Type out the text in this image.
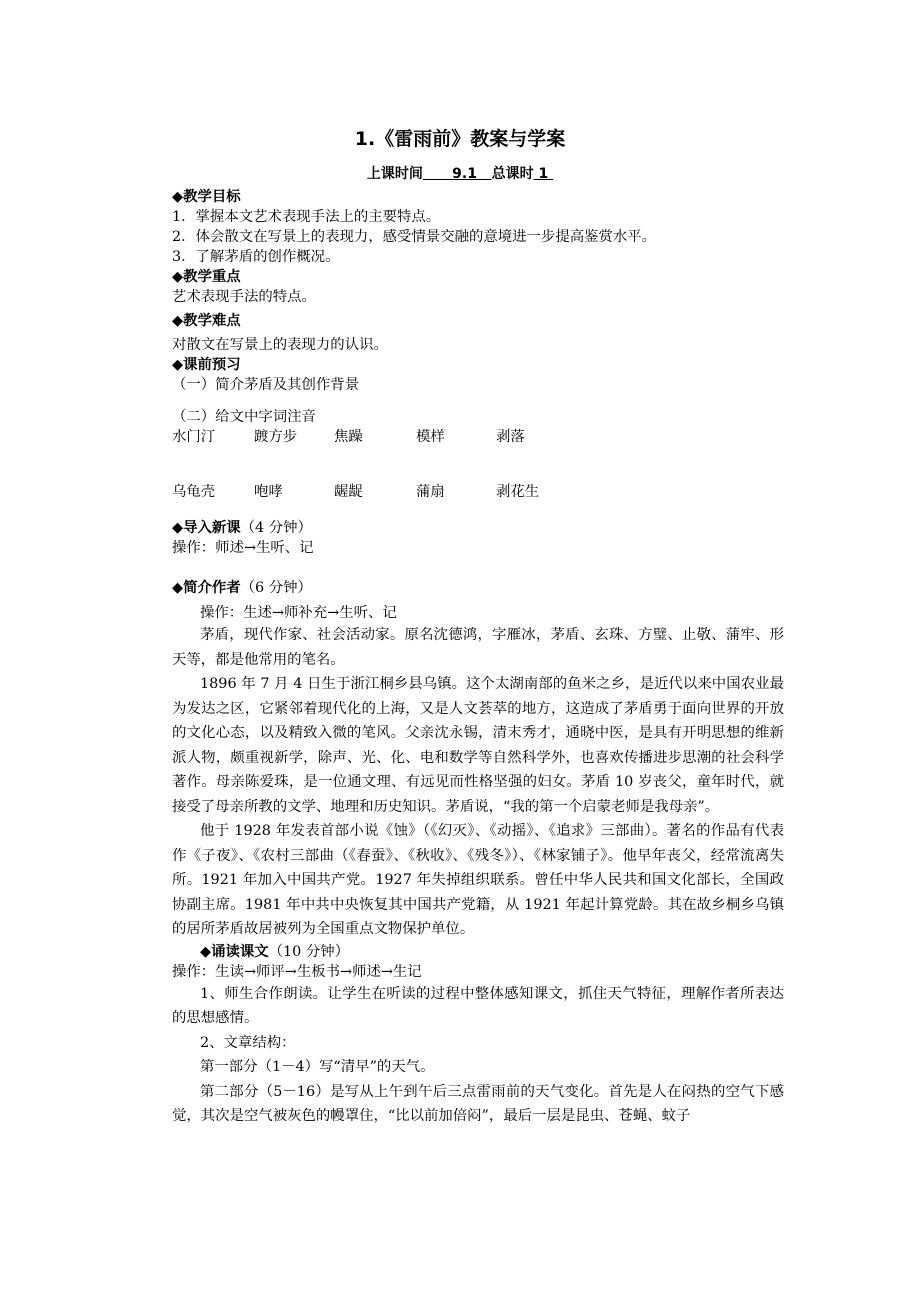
1.《雷雨前》教案与学案
上课时间 9.1 总课时 1
◆教学目标
1．掌握本文艺术表现手法上的主要特点。
2．体会散文在写景上的表现力，感受情景交融的意境进一步提高鉴赏水平。
3．了解茅盾的创作概况。
◆教学重点
艺术表现手法的特点。
◆教学难点
对散文在写景上的表现力的认识。
◆课前预习
（一）简介茅盾及其创作背景
（二）给文中字词注音
水门汀	踱方步	焦躁	模样	剥落
乌龟壳	咆哮	龌龊	蒲扇	剥花生
◆导入新课（4 分钟）
操作：师述→生听、记
◆简介作者（6 分钟）
操作：生述→师补充→生听、记

茅盾，现代作家、社会活动家。原名沈德鸿，字雁冰，茅盾、玄珠、方璧、止敬、蒲牢、形天等，都是他常用的笔名。

1896 年 7 月 4 日生于浙江桐乡县乌镇。这个太湖南部的鱼米之乡，是近代以来中国农业最为发达之区，它紧邻着现代化的上海，又是人文荟萃的地方，这造成了茅盾勇于面向世界的开放的文化心态，以及精致入微的笔风。父亲沈永锡，清末秀才，通晓中医，是具有开明思想的维新派人物，颇重视新学，除声、光、化、电和数学等自然科学外，也喜欢传播进步思潮的社会科学著作。母亲陈爱珠，是一位通文理、有远见而性格坚强的妇女。茅盾 10 岁丧父，童年时代，就接受了母亲所教的文学、地理和历史知识。茅盾说，“我的第一个启蒙老师是我母亲”。

他于 1928 年发表首部小说《蚀》（《幻灭》、《动摇》、《追求》三部曲）。著名的作品有代表作《子夜》、《农村三部曲（《春蚕》、《秋收》、《残冬》）、《林家铺子》。他早年丧父，经常流离失所。1921 年加入中国共产党。1927 年失掉组织联系。曾任中华人民共和国文化部长，全国政协副主席。1981 年中共中央恢复其中国共产党籍，从 1921 年起计算党龄。其在故乡桐乡乌镇的居所茅盾故居被列为全国重点文物保护单位。

◆诵读课文（10 分钟）
操作：生读→师评→生板书→师述→生记

1、师生合作朗读。让学生在听读的过程中整体感知课文，抓住天气特征，理解作者所表达的思想感情。

2、文章结构：

第一部分（1－4）写“清早”的天气。

第二部分（5－16）是写从上午到午后三点雷雨前的天气变化。首先是人在闷热的空气下感觉，其次是空气被灰色的幔罩住，“比以前加倍闷”，最后一层是昆虫、苍蝇、蚊子
